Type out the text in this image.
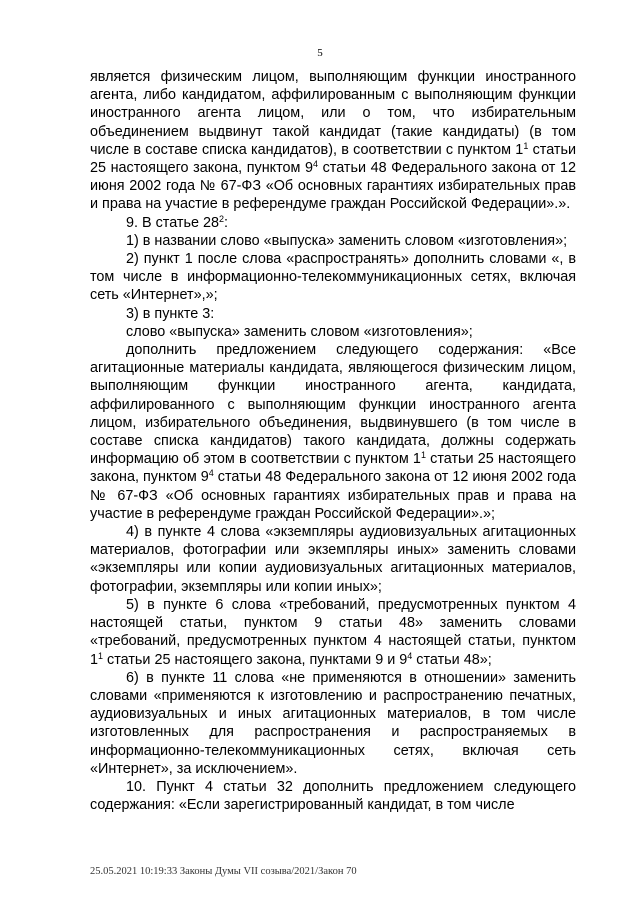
5

является физическим лицом, выполняющим функции иностранного агента, либо кандидатом, аффилированным с выполняющим функции иностранного агента лицом, или о том, что избирательным объединением выдвинут такой кандидат (такие кандидаты) (в том числе в составе списка кандидатов), в соответствии с пунктом $1^1$ статьи 25 настоящего закона, пунктом $9^4$ статьи 48 Федерального закона от 12 июня 2002 года № 67-ФЗ «Об основных гарантиях избирательных прав и права на участие в референдуме граждан Российской Федерации».».

9. В статье $28^2$:

1) в названии слово «выпуска» заменить словом «изготовления»;

2) пункт 1 после слова «распространять» дополнить словами «, в том числе в информационно-телекоммуникационных сетях, включая сеть «Интернет»,»;

3) в пункте 3:

слово «выпуска» заменить словом «изготовления»;

дополнить предложением следующего содержания: «Все агитационные материалы кандидата, являющегося физическим лицом, выполняющим функции иностранного агента, кандидата, аффилированного с выполняющим функции иностранного агента лицом, избирательного объединения, выдвинувшего (в том числе в составе списка кандидатов) такого кандидата, должны содержать информацию об этом в соответствии с пунктом $1^1$ статьи 25 настоящего закона, пунктом $9^4$ статьи 48 Федерального закона от 12 июня 2002 года № 67-ФЗ «Об основных гарантиях избирательных прав и права на участие в референдуме граждан Российской Федерации».»;

4) в пункте 4 слова «экземпляры аудиовизуальных агитационных материалов, фотографии или экземпляры иных» заменить словами «экземпляры или копии аудиовизуальных агитационных материалов, фотографии, экземпляры или копии иных»;

5) в пункте 6 слова «требований, предусмотренных пунктом 4 настоящей статьи, пунктом 9 статьи 48» заменить словами «требований, предусмотренных пунктом 4 настоящей статьи, пунктом $1^1$ статьи 25 настоящего закона, пунктами 9 и $9^4$ статьи 48»;

6) в пункте 11 слова «не применяются в отношении» заменить словами «применяются к изготовлению и распространению печатных, аудиовизуальных и иных агитационных материалов, в том числе изготовленных для распространения и распространяемых в информационно-телекоммуникационных сетях, включая сеть «Интернет», за исключением».

10. Пункт 4 статьи 32 дополнить предложением следующего содержания: «Если зарегистрированный кандидат, в том числе

25.05.2021 10:19:33 Законы Думы VII созыва/2021/Закон 70
